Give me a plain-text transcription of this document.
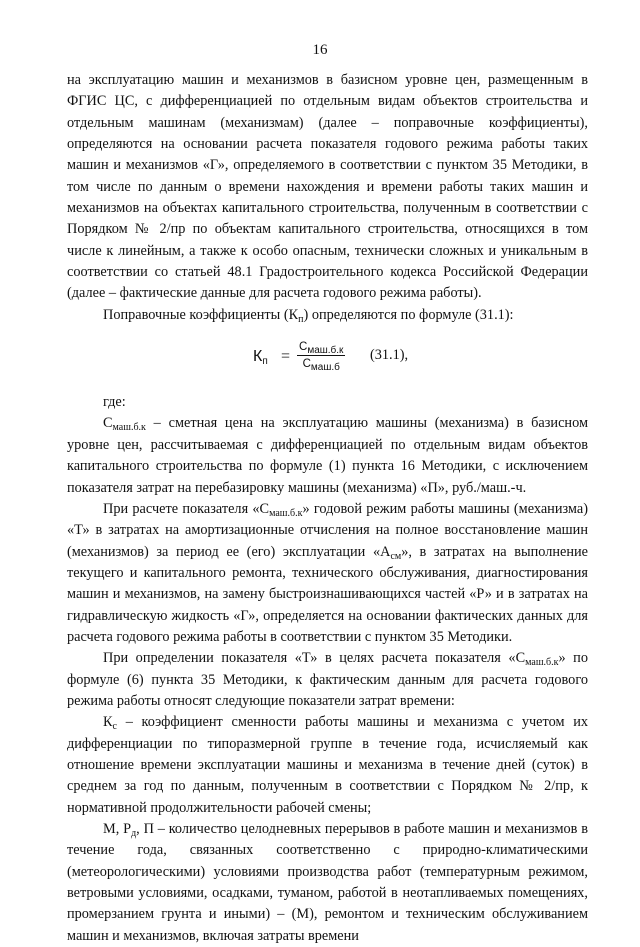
16

на эксплуатацию машин и механизмов в базисном уровне цен, размещенным в ФГИС ЦС, с дифференциацией по отдельным видам объектов строительства и отдельным машинам (механизмам) (далее – поправочные коэффициенты), определяются на основании расчета показателя годового режима работы таких машин и механизмов «Г», определяемого в соответствии с пунктом 35 Методики, в том числе по данным о времени нахождения и времени работы таких машин и механизмов на объектах капитального строительства, полученным в соответствии с Порядком № 2/пр по объектам капитального строительства, относящихся в том числе к линейным, а также к особо опасным, технически сложных и уникальным в соответствии со статьей 48.1 Градостроительного кодекса Российской Федерации (далее – фактические данные для расчета годового режима работы).

Поправочные коэффициенты $(К_п)$ определяются по формуле (31.1):

$К_п$ =
$С_{маш.б.к}$
$С_{маш.б}$
(31.1),

где:

$С_{маш.б.к}$ – сметная цена на эксплуатацию машины (механизма) в базисном уровне цен, рассчитываемая с дифференциацией по отдельным видам объектов капитального строительства по формуле (1) пункта 16 Методики, с исключением показателя затрат на перебазировку машины (механизма) «П», руб./маш.-ч.

При расчете показателя «$С_{маш.б.к}$» годовой режим работы машины (механизма) «Т» в затратах на амортизационные отчисления на полное восстановление машин (механизмов) за период ее (его) эксплуатации «$А_{см}$», в затратах на выполнение текущего и капитального ремонта, технического обслуживания, диагностирования машин и механизмов, на замену быстроизнашивающихся частей «Р» и в затратах на гидравлическую жидкость «Г», определяется на основании фактических данных для расчета годового режима работы в соответствии с пунктом 35 Методики.

При определении показателя «Т» в целях расчета показателя «$С_{маш.б.к}$» по формуле (6) пункта 35 Методики, к фактическим данным для расчета годового режима работы относят следующие показатели затрат времени:

$К_с$ – коэффициент сменности работы машины и механизма с учетом их дифференциации по типоразмерной группе в течение года, исчисляемый как отношение времени эксплуатации машины и механизма в течение дней (суток) в среднем за год по данным, полученным в соответствии с Порядком № 2/пр, к нормативной продолжительности рабочей смены;

М, $Р_д$, П – количество целодневных перерывов в работе машин и механизмов в течение года, связанных соответственно с природно-климатическими (метеорологическими) условиями производства работ (температурным режимом, ветровыми условиями, осадками, туманом, работой в неотапливаемых помещениях, промерзанием грунта и иными) – (М), ремонтом и техническим обслуживанием машин и механизмов, включая затраты времени
